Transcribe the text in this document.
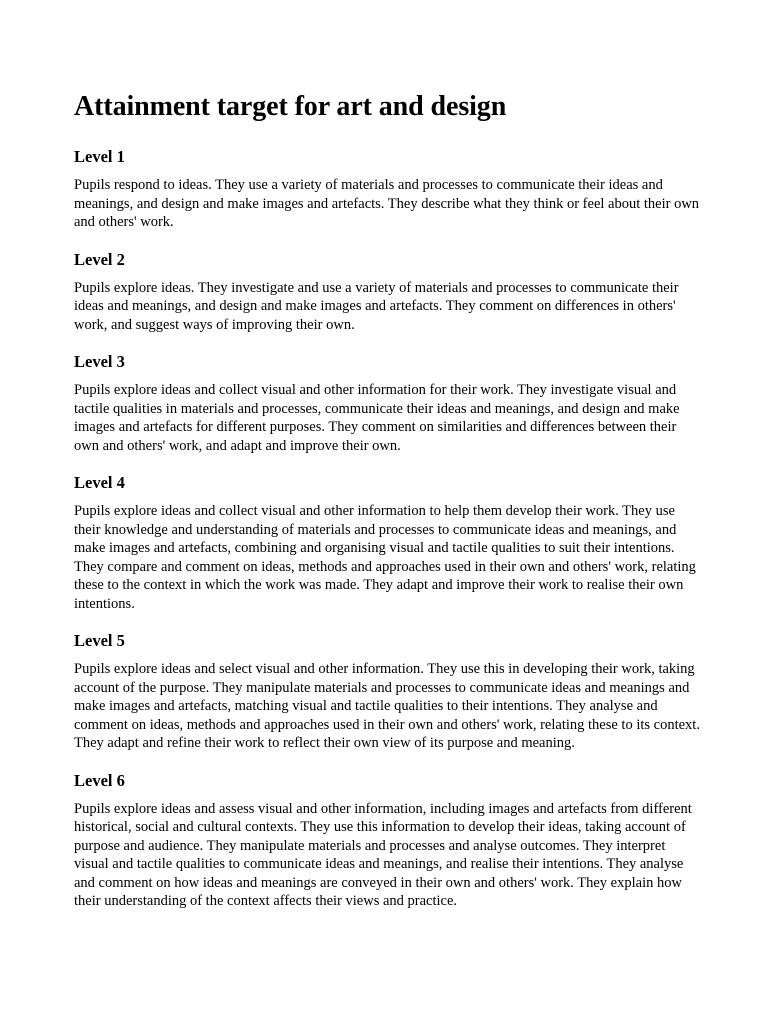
Attainment target for art and design
Level 1

Pupils respond to ideas. They use a variety of materials and processes to communicate their ideas and meanings, and design and make images and artefacts. They describe what they think or feel about their own and others' work.

Level 2

Pupils explore ideas. They investigate and use a variety of materials and processes to communicate their ideas and meanings, and design and make images and artefacts. They comment on differences in others' work, and suggest ways of improving their own.

Level 3

Pupils explore ideas and collect visual and other information for their work. They investigate visual and tactile qualities in materials and processes, communicate their ideas and meanings, and design and make images and artefacts for different purposes. They comment on similarities and differences between their own and others' work, and adapt and improve their own.

Level 4

Pupils explore ideas and collect visual and other information to help them develop their work. They use their knowledge and understanding of materials and processes to communicate ideas and meanings, and make images and artefacts, combining and organising visual and tactile qualities to suit their intentions. They compare and comment on ideas, methods and approaches used in their own and others' work, relating these to the context in which the work was made. They adapt and improve their work to realise their own intentions.

Level 5

Pupils explore ideas and select visual and other information. They use this in developing their work, taking account of the purpose. They manipulate materials and processes to communicate ideas and meanings and make images and artefacts, matching visual and tactile qualities to their intentions. They analyse and comment on ideas, methods and approaches used in their own and others' work, relating these to its context. They adapt and refine their work to reflect their own view of its purpose and meaning.

Level 6

Pupils explore ideas and assess visual and other information, including images and artefacts from different historical, social and cultural contexts. They use this information to develop their ideas, taking account of purpose and audience. They manipulate materials and processes and analyse outcomes. They interpret visual and tactile qualities to communicate ideas and meanings, and realise their intentions. They analyse and comment on how ideas and meanings are conveyed in their own and others' work. They explain how their understanding of the context affects their views and practice.
